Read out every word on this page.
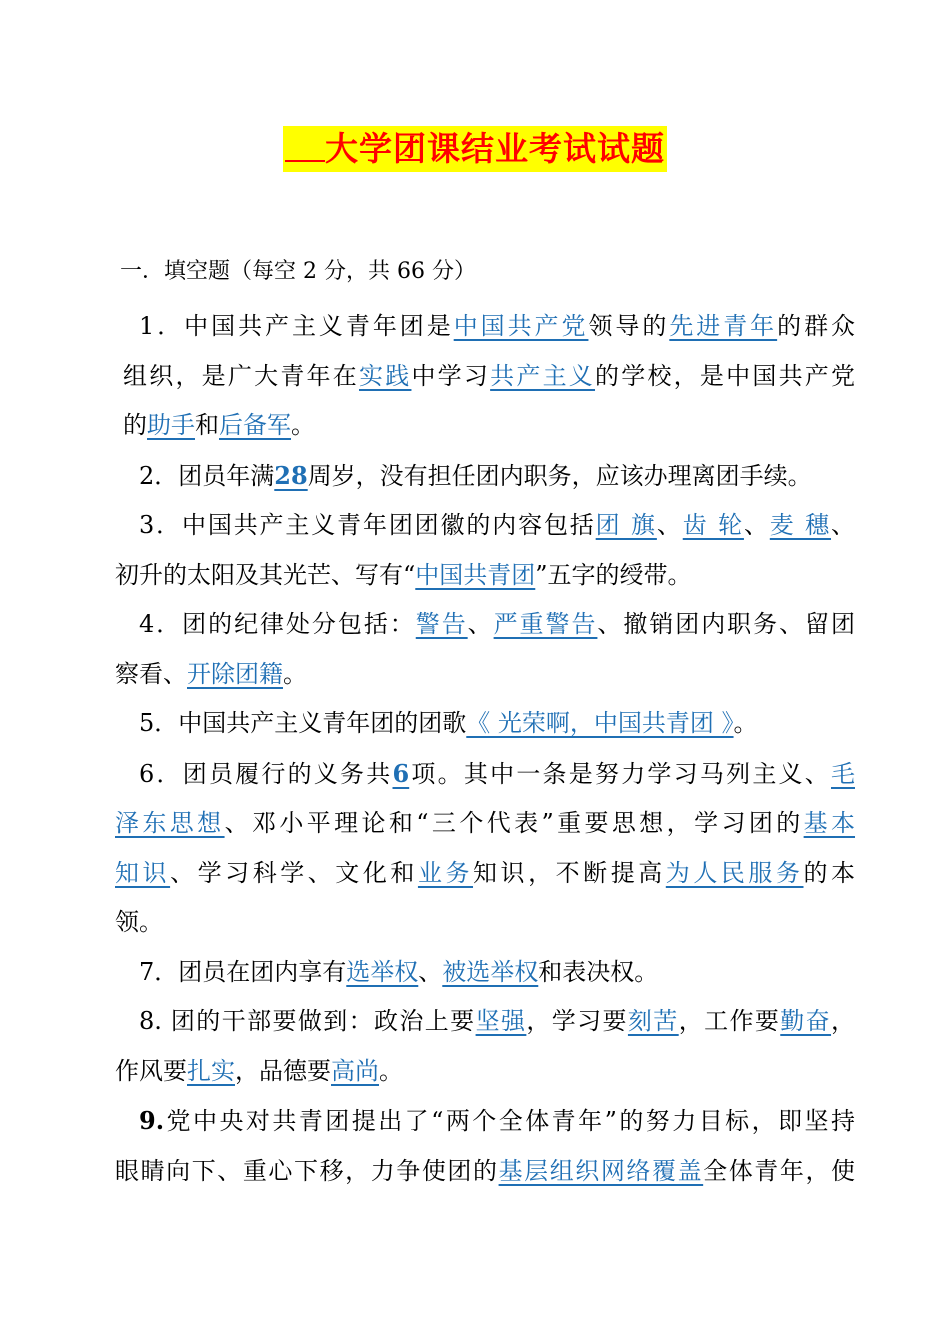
大学团课结业考试试题
一．填空题（每空 2 分，共 66 分）

1．中国共产主义青年团是中国共产党领导的先进青年的群众

组织，是广大青年在实践中学习共产主义的学校，是中国共产党

的助手和后备军。

2．团员年满28周岁，没有担任团内职务，应该办理离团手续。

3．中国共产主义青年团团徽的内容包括团 旗、齿 轮、麦 穗、

初升的太阳及其光芒、写有“中国共青团”五字的绶带。

4．团的纪律处分包括：警告、严重警告、撤销团内职务、留团

察看、开除团籍。

5．中国共产主义青年团的团歌《 光荣啊，中国共青团 》。

6．团员履行的义务共6项。其中一条是努力学习马列主义、毛

泽东思想、邓小平理论和“三个代表”重要思想，学习团的基本

知识、学习科学、文化和业务知识，不断提高为人民服务的本

领。

7．团员在团内享有选举权、被选举权和表决权。

8. 团的干部要做到：政治上要坚强，学习要刻苦，工作要勤奋，

作风要扎实，品德要高尚。

9.党中央对共青团提出了“两个全体青年”的努力目标，即坚持

眼睛向下、重心下移，力争使团的基层组织网络覆盖全体青年，使
